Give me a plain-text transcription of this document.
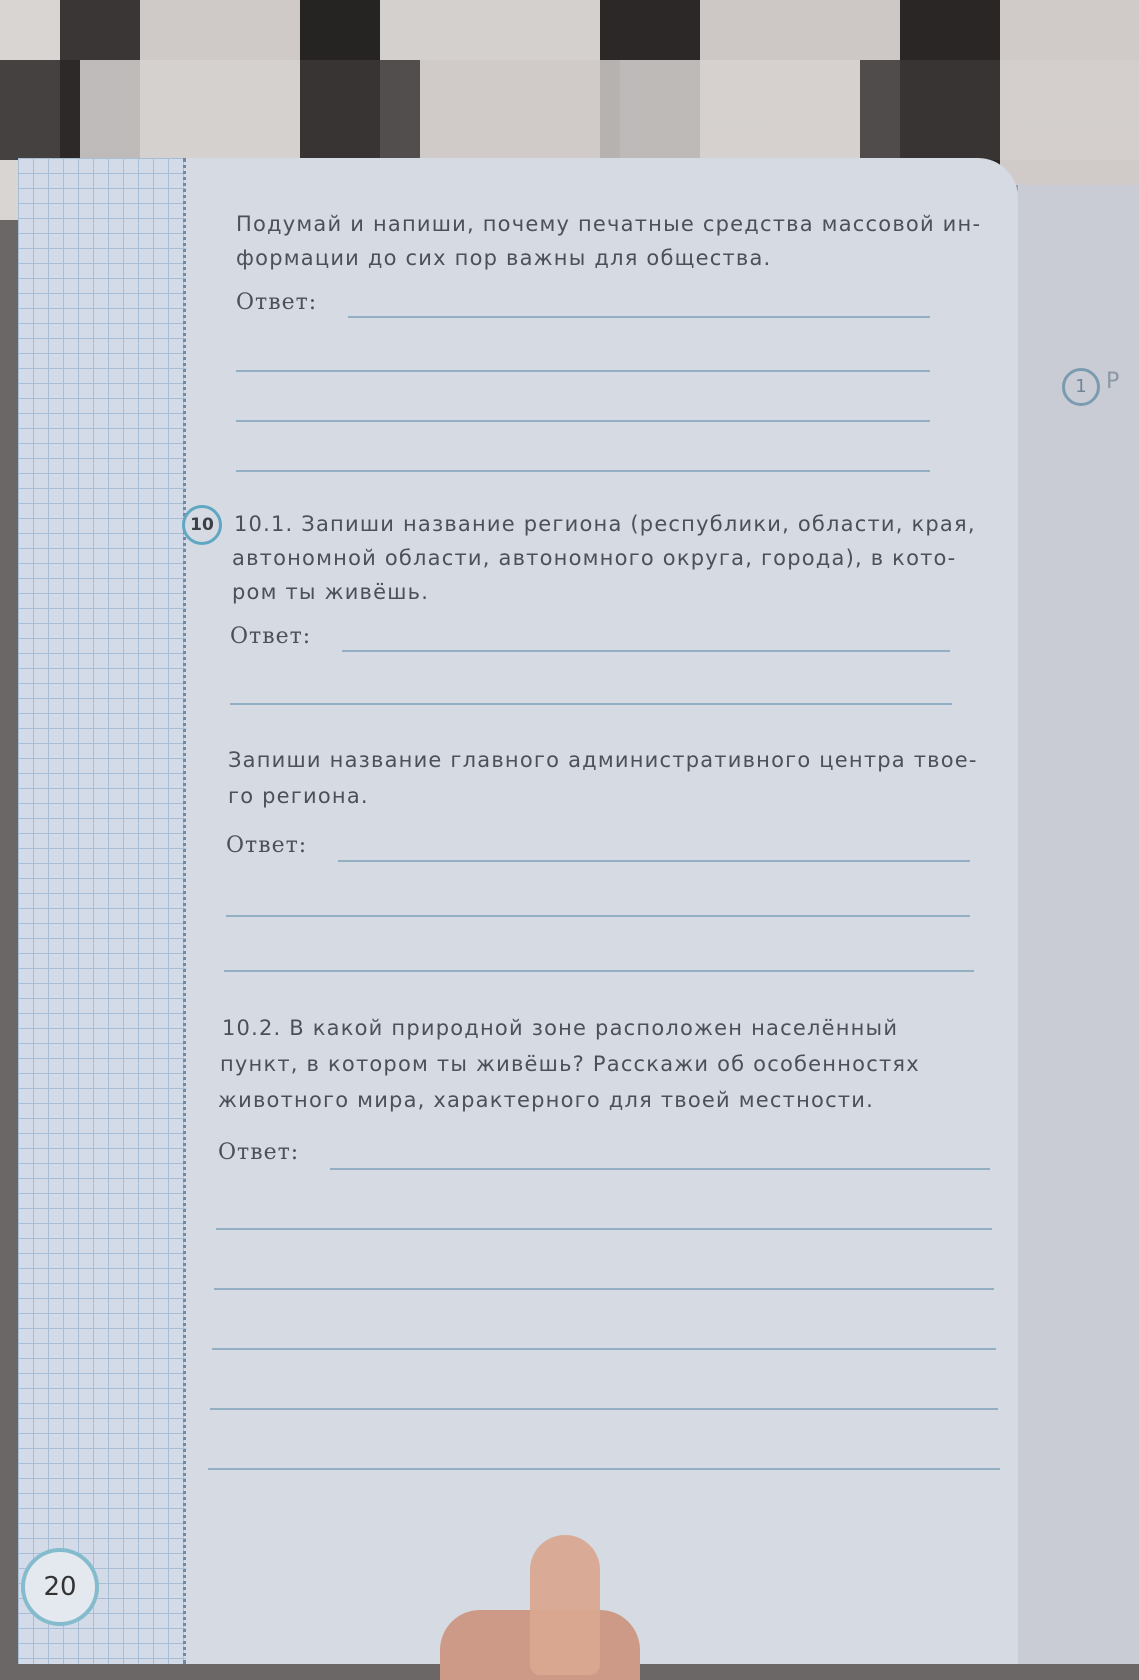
1 Р
20
Подумай и напиши, почему печатные средства массовой ин-
формации до сих пор важны для общества.
Ответ:
10 10.1. Запиши название региона (республики, области, края,
автономной области, автономного округа, города), в кото-
ром ты живёшь.
Ответ:
Запиши название главного административного центра твое-
го региона.
Ответ:
10.2. В какой природной зоне расположен населённый
пункт, в котором ты живёшь? Расскажи об особенностях
животного мира, характерного для твоей местности.
Ответ:
